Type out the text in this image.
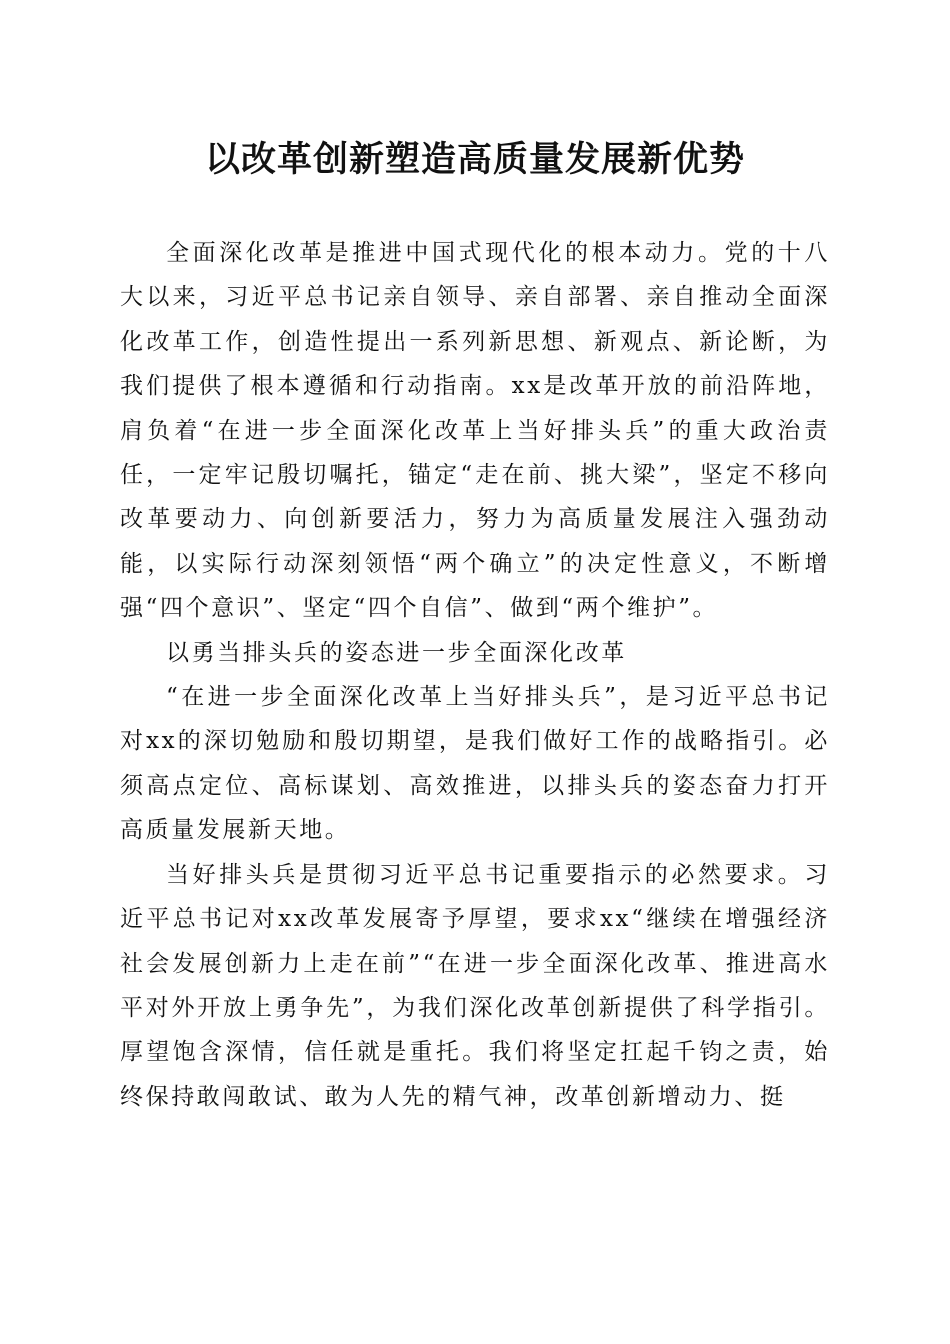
以改革创新塑造高质量发展新优势

全面深化改革是推进中国式现代化的根本动力。党的十八大以来，习近平总书记亲自领导、亲自部署、亲自推动全面深化改革工作，创造性提出一系列新思想、新观点、新论断，为我们提供了根本遵循和行动指南。xx是改革开放的前沿阵地，肩负着“在进一步全面深化改革上当好排头兵”的重大政治责任，一定牢记殷切嘱托，锚定“走在前、挑大梁”，坚定不移向改革要动力、向创新要活力，努力为高质量发展注入强劲动能，以实际行动深刻领悟“两个确立”的决定性意义，不断增强“四个意识”、坚定“四个自信”、做到“两个维护”。

以勇当排头兵的姿态进一步全面深化改革

“在进一步全面深化改革上当好排头兵”，是习近平总书记对xx的深切勉励和殷切期望，是我们做好工作的战略指引。必须高点定位、高标谋划、高效推进，以排头兵的姿态奋力打开高质量发展新天地。

当好排头兵是贯彻习近平总书记重要指示的必然要求。习近平总书记对xx改革发展寄予厚望，要求xx“继续在增强经济社会发展创新力上走在前”“在进一步全面深化改革、推进高水平对外开放上勇争先”，为我们深化改革创新提供了科学指引。厚望饱含深情，信任就是重托。我们将坚定扛起千钧之责，始终保持敢闯敢试、敢为人先的精气神，改革创新增动力、挺
